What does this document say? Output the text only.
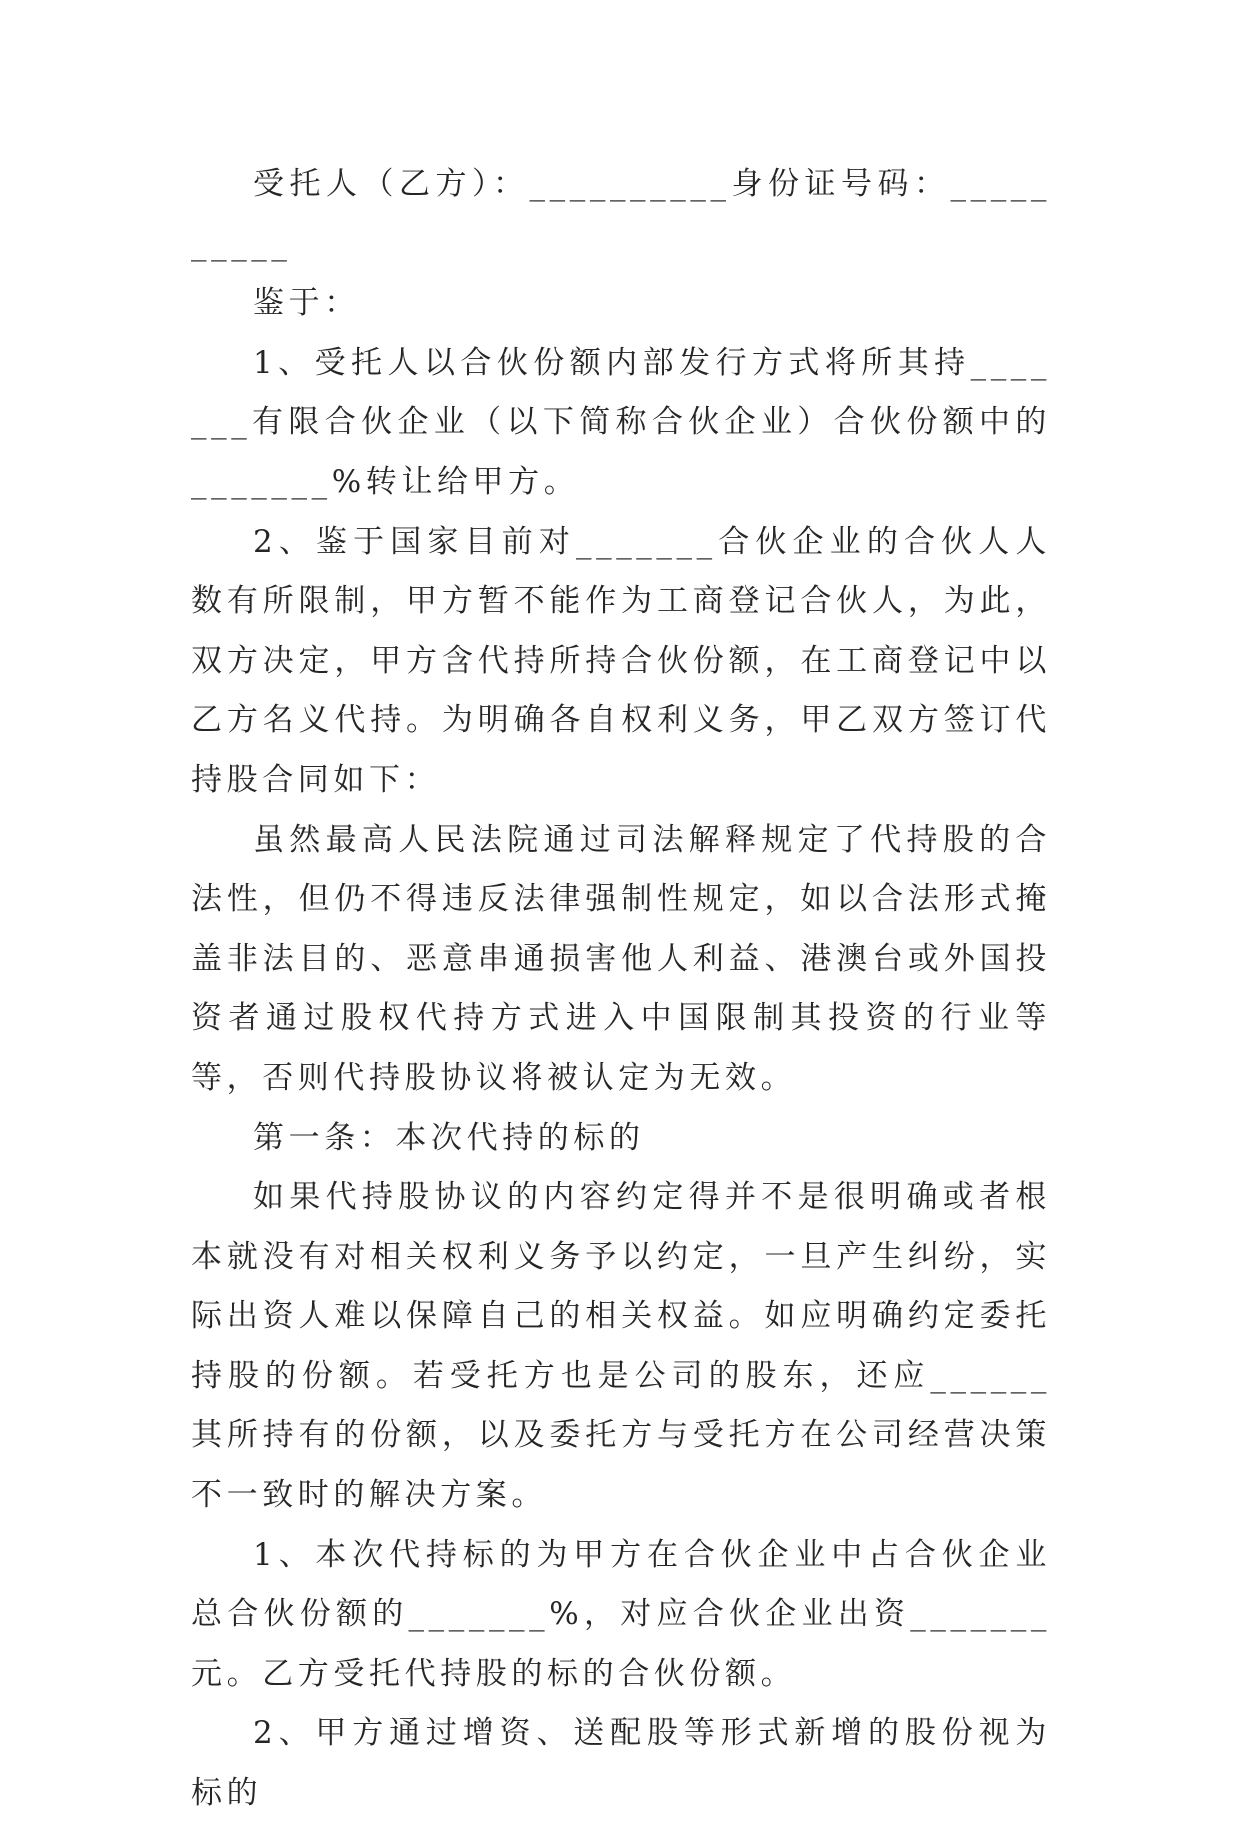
受托人（乙方）：__________身份证号码：__________

鉴于：

1、受托人以合伙份额内部发行方式将所其持_______有限合伙企业（以下简称合伙企业）合伙份额中的_______%转让给甲方。

2、鉴于国家目前对_______合伙企业的合伙人人数有所限制，甲方暂不能作为工商登记合伙人，为此，双方决定，甲方含代持所持合伙份额，在工商登记中以乙方名义代持。为明确各自权利义务，甲乙双方签订代持股合同如下：

虽然最高人民法院通过司法解释规定了代持股的合法性，但仍不得违反法律强制性规定，如以合法形式掩盖非法目的、恶意串通损害他人利益、港澳台或外国投资者通过股权代持方式进入中国限制其投资的行业等等，否则代持股协议将被认定为无效。

第一条：本次代持的标的

如果代持股协议的内容约定得并不是很明确或者根本就没有对相关权利义务予以约定，一旦产生纠纷，实际出资人难以保障自己的相关权益。如应明确约定委托持股的份额。若受托方也是公司的股东，还应______其所持有的份额，以及委托方与受托方在公司经营决策不一致时的解决方案。

1、本次代持标的为甲方在合伙企业中占合伙企业总合伙份额的_______%，对应合伙企业出资_______元。乙方受托代持股的标的合伙份额。

2、甲方通过增资、送配股等形式新增的股份视为标的
